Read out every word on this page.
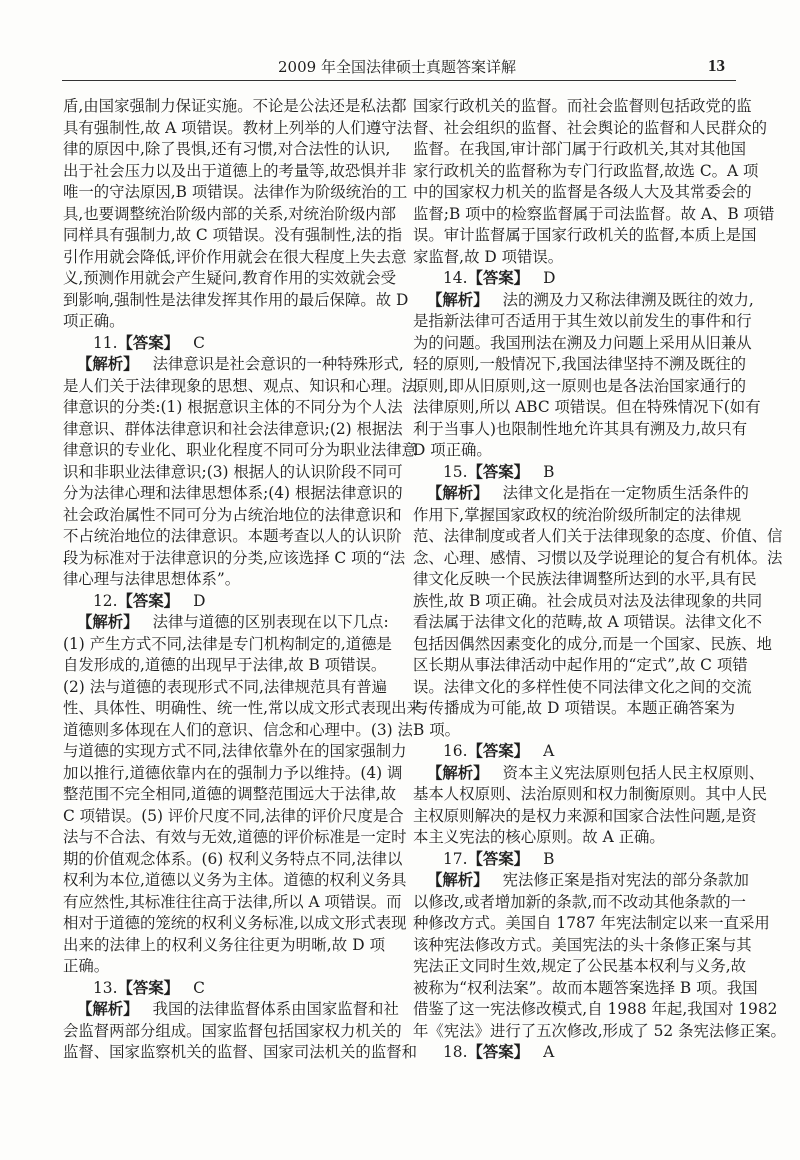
2009 年全国法律硕士真题答案详解	13
盾,由国家强制力保证实施。不论是公法还是私法都
具有强制性,故 A 项错误。教材上列举的人们遵守法
律的原因中,除了畏惧,还有习惯,对合法性的认识,
出于社会压力以及出于道德上的考量等,故恐惧并非
唯一的守法原因,B 项错误。法律作为阶级统治的工
具,也要调整统治阶级内部的关系,对统治阶级内部
同样具有强制力,故 C 项错误。没有强制性,法的指
引作用就会降低,评价作用就会在很大程度上失去意
义,预测作用就会产生疑问,教育作用的实效就会受
到影响,强制性是法律发挥其作用的最后保障。故 D
项正确。
11.【答案】 C
【解析】 法律意识是社会意识的一种特殊形式,
是人们关于法律现象的思想、观点、知识和心理。法
律意识的分类:(1) 根据意识主体的不同分为个人法
律意识、群体法律意识和社会法律意识;(2) 根据法
律意识的专业化、职业化程度不同可分为职业法律意
识和非职业法律意识;(3) 根据人的认识阶段不同可
分为法律心理和法律思想体系;(4) 根据法律意识的
社会政治属性不同可分为占统治地位的法律意识和
不占统治地位的法律意识。本题考查以人的认识阶
段为标准对于法律意识的分类,应该选择 C 项的“法
律心理与法律思想体系”。
12.【答案】 D
【解析】 法律与道德的区别表现在以下几点:
(1) 产生方式不同,法律是专门机构制定的,道德是
自发形成的,道德的出现早于法律,故 B 项错误。
(2) 法与道德的表现形式不同,法律规范具有普遍
性、具体性、明确性、统一性,常以成文形式表现出来,
道德则多体现在人们的意识、信念和心理中。(3) 法
与道德的实现方式不同,法律依靠外在的国家强制力
加以推行,道德依靠内在的强制力予以维持。(4) 调
整范围不完全相同,道德的调整范围远大于法律,故
C 项错误。(5) 评价尺度不同,法律的评价尺度是合
法与不合法、有效与无效,道德的评价标准是一定时
期的价值观念体系。(6) 权利义务特点不同,法律以
权利为本位,道德以义务为主体。道德的权利义务具
有应然性,其标准往往高于法律,所以 A 项错误。而
相对于道德的笼统的权利义务标准,以成文形式表现
出来的法律上的权利义务往往更为明晰,故 D 项
正确。
13.【答案】 C
【解析】 我国的法律监督体系由国家监督和社
会监督两部分组成。国家监督包括国家权力机关的
监督、国家监察机关的监督、国家司法机关的监督和
国家行政机关的监督。而社会监督则包括政党的监
督、社会组织的监督、社会舆论的监督和人民群众的
监督。在我国,审计部门属于行政机关,其对其他国
家行政机关的监督称为专门行政监督,故选 C。A 项
中的国家权力机关的监督是各级人大及其常委会的
监督;B 项中的检察监督属于司法监督。故 A、B 项错
误。审计监督属于国家行政机关的监督,本质上是国
家监督,故 D 项错误。
14.【答案】 D
【解析】 法的溯及力又称法律溯及既往的效力,
是指新法律可否适用于其生效以前发生的事件和行
为的问题。我国刑法在溯及力问题上采用从旧兼从
轻的原则,一般情况下,我国法律坚持不溯及既往的
原则,即从旧原则,这一原则也是各法治国家通行的
法律原则,所以 ABC 项错误。但在特殊情况下(如有
利于当事人)也限制性地允许其具有溯及力,故只有
D 项正确。
15.【答案】 B
【解析】 法律文化是指在一定物质生活条件的
作用下,掌握国家政权的统治阶级所制定的法律规
范、法律制度或者人们关于法律现象的态度、价值、信
念、心理、感情、习惯以及学说理论的复合有机体。法
律文化反映一个民族法律调整所达到的水平,具有民
族性,故 B 项正确。社会成员对法及法律现象的共同
看法属于法律文化的范畴,故 A 项错误。法律文化不
包括因偶然因素变化的成分,而是一个国家、民族、地
区长期从事法律活动中起作用的“定式”,故 C 项错
误。法律文化的多样性使不同法律文化之间的交流
与传播成为可能,故 D 项错误。本题正确答案为
B 项。
16.【答案】 A
【解析】 资本主义宪法原则包括人民主权原则、
基本人权原则、法治原则和权力制衡原则。其中人民
主权原则解决的是权力来源和国家合法性问题,是资
本主义宪法的核心原则。故 A 正确。
17.【答案】 B
【解析】 宪法修正案是指对宪法的部分条款加
以修改,或者增加新的条款,而不改动其他条款的一
种修改方式。美国自 1787 年宪法制定以来一直采用
该种宪法修改方式。美国宪法的头十条修正案与其
宪法正文同时生效,规定了公民基本权利与义务,故
被称为“权利法案”。故而本题答案选择 B 项。我国
借鉴了这一宪法修改模式,自 1988 年起,我国对 1982
年《宪法》进行了五次修改,形成了 52 条宪法修正案。
18.【答案】 A
